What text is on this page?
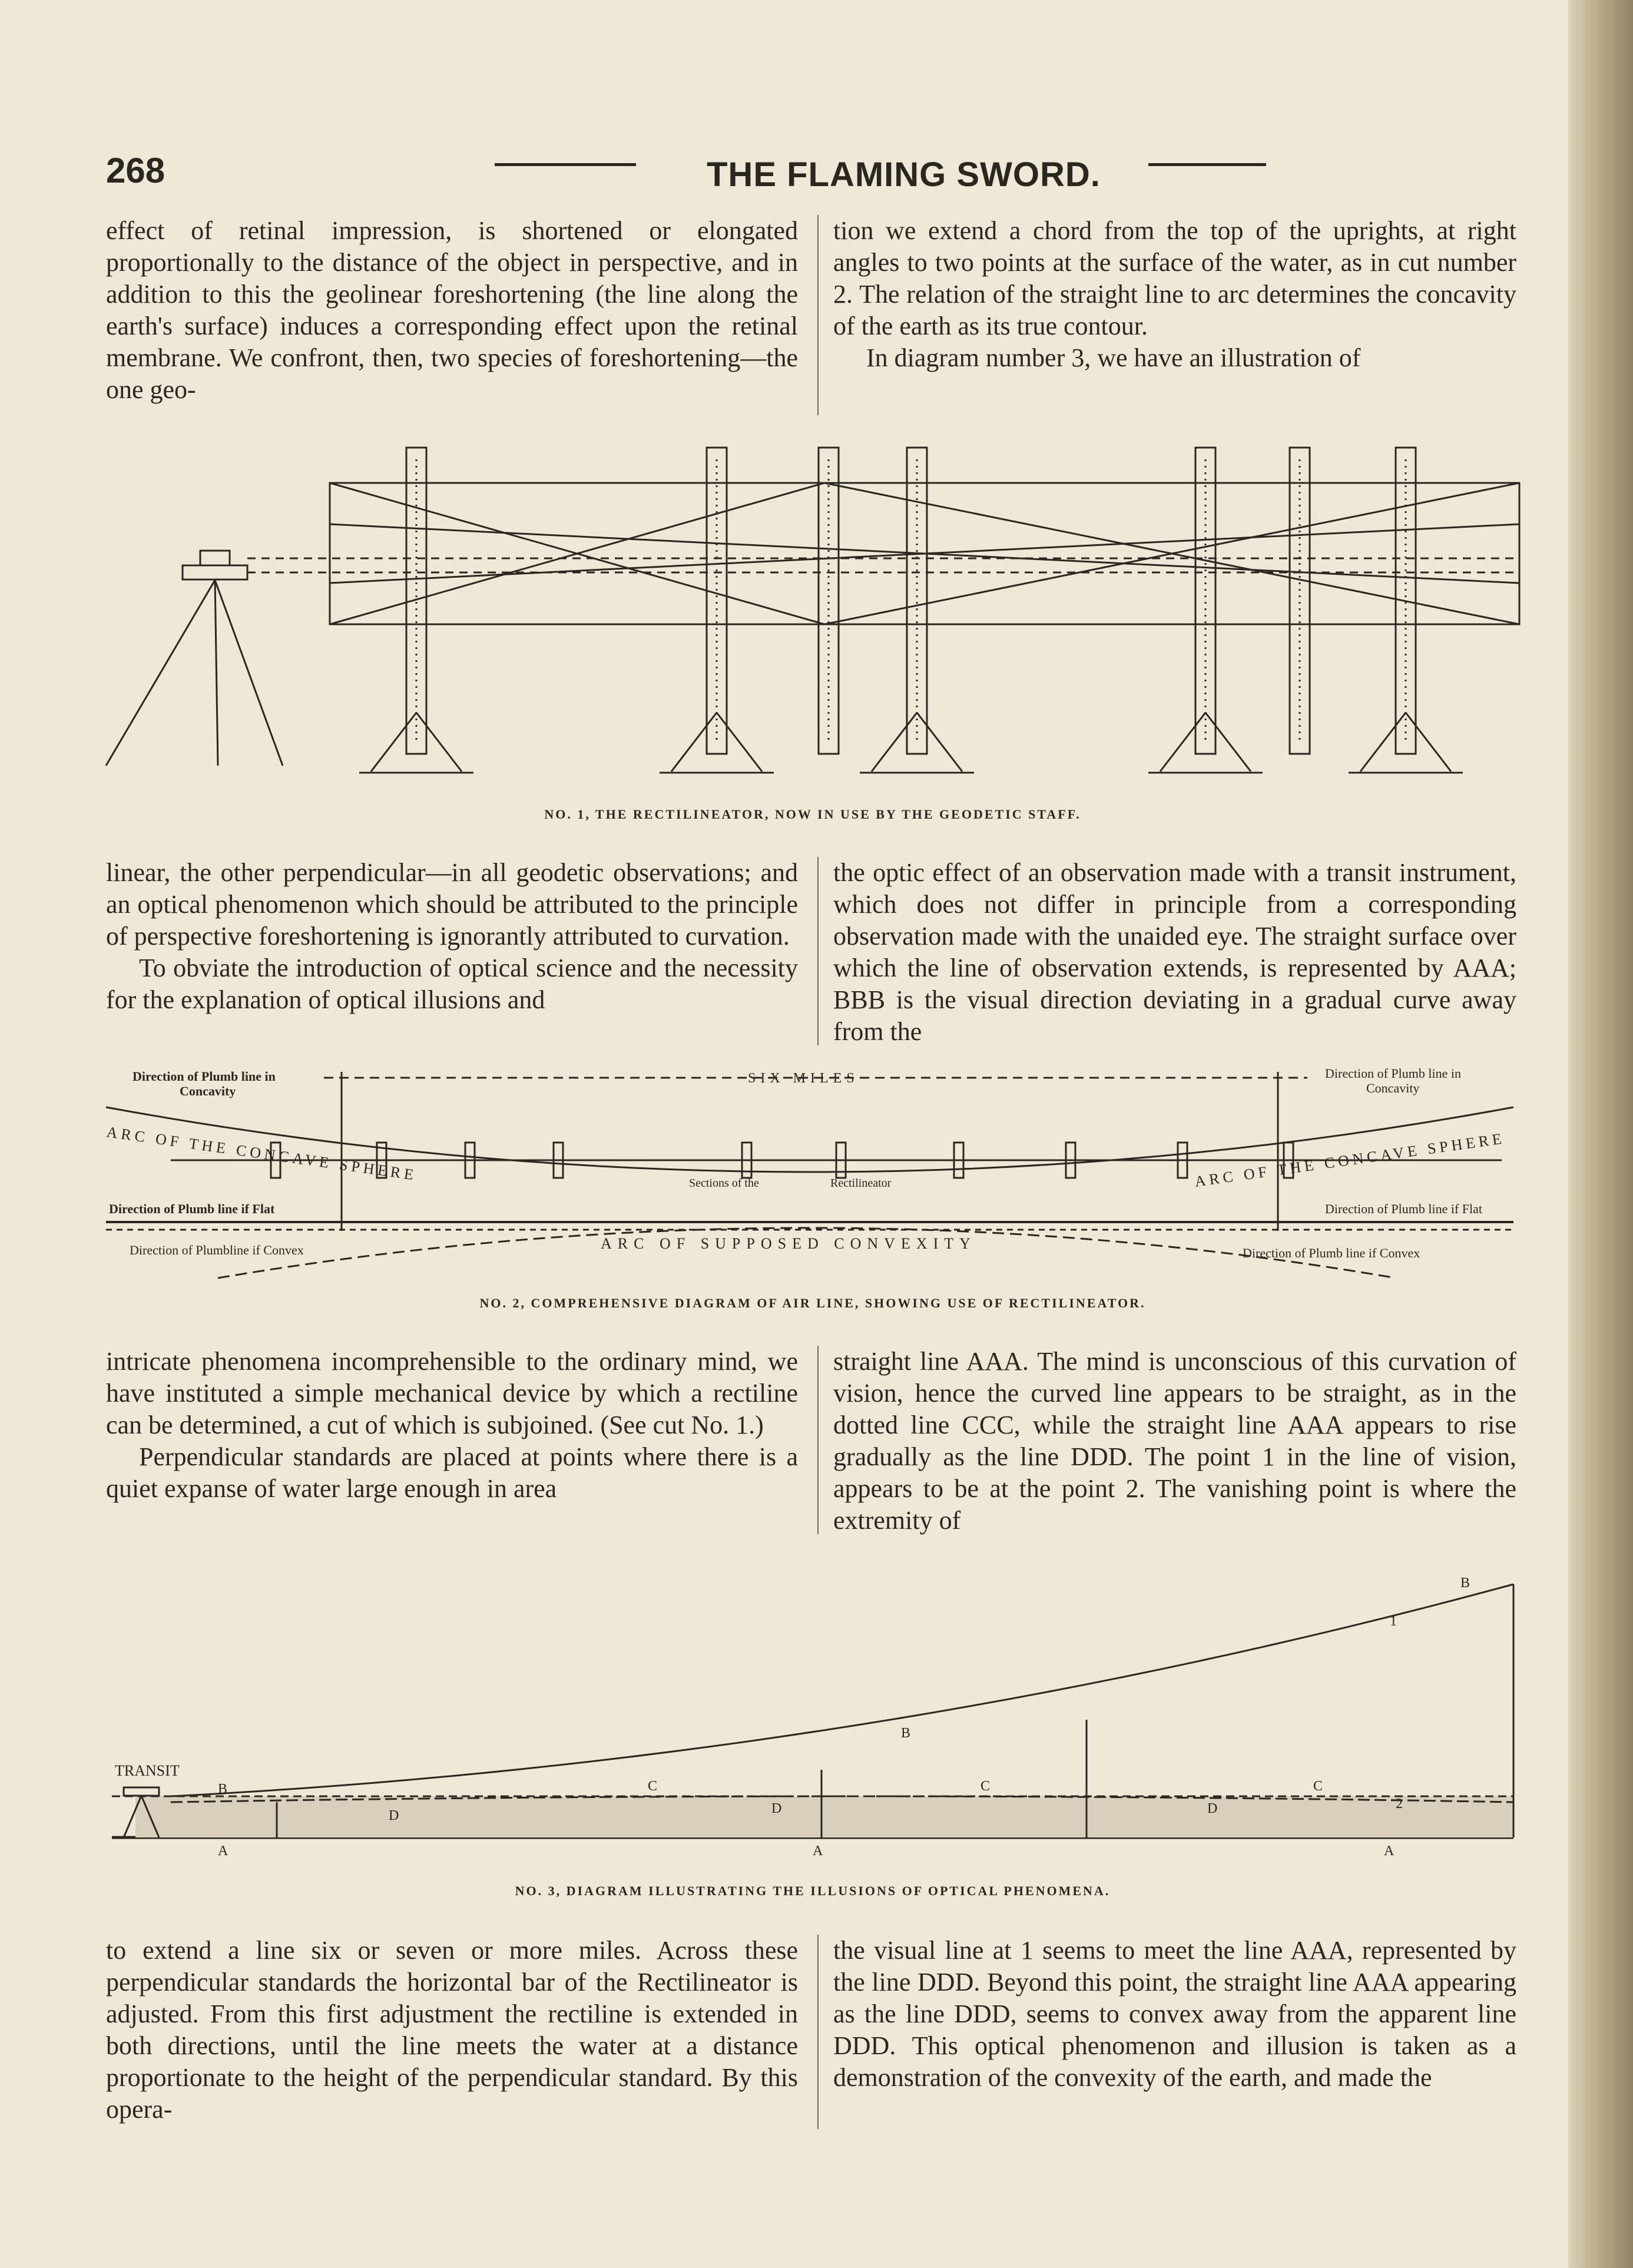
268	THE FLAMING SWORD.

effect of retinal impression, is shortened or elongated proportionally to the distance of the object in perspective, and in addition to this the geolinear foreshortening (the line along the earth's surface) induces a corresponding effect upon the retinal membrane. We confront, then, two species of foreshortening—the one geo-

tion we extend a chord from the top of the uprights, at right angles to two points at the surface of the water, as in cut number 2. The relation of the straight line to arc determines the concavity of the earth as its true contour.

In diagram number 3, we have an illustration of

NO. 1, THE RECTILINEATOR, NOW IN USE BY THE GEODETIC STAFF.

linear, the other perpendicular—in all geodetic observations; and an optical phenomenon which should be attributed to the principle of perspective foreshortening is ignorantly attributed to curvation.

To obviate the introduction of optical science and the necessity for the explanation of optical illusions and

the optic effect of an observation made with a transit instrument, which does not differ in principle from a corresponding observation made with the unaided eye. The straight surface over which the line of observation extends, is represented by AAA; BBB is the visual direction deviating in a gradual curve away from the

Direction of Plumb line in
Concavity
Direction of Plumb line in
Concavity
SIX MILES
ARC OF THE CONCAVE SPHERE	ARC OF THE CONCAVE SPHERE
Sections of the	Rectilineator
Direction of Plumb line if Flat	Direction of Plumb line if Flat
Direction of Plumbline if Convex	Direction of Plumb line if Convex
ARC OF SUPPOSED CONVEXITY
NO. 2, COMPREHENSIVE DIAGRAM OF AIR LINE, SHOWING USE OF RECTILINEATOR.

intricate phenomena incomprehensible to the ordinary mind, we have instituted a simple mechanical device by which a rectiline can be determined, a cut of which is subjoined. (See cut No. 1.)

Perpendicular standards are placed at points where there is a quiet expanse of water large enough in area

straight line AAA. The mind is unconscious of this curvation of vision, hence the curved line appears to be straight, as in the dotted line CCC, while the straight line AAA appears to rise gradually as the line DDD. The point 1 in the line of vision, appears to be at the point 2. The vanishing point is where the extremity of

TRANSIT
B
B
B
C	C	C
D	D	D
A	A	A
1
2
NO. 3, DIAGRAM ILLUSTRATING THE ILLUSIONS OF OPTICAL PHENOMENA.

to extend a line six or seven or more miles. Across these perpendicular standards the horizontal bar of the Rectilineator is adjusted. From this first adjustment the rectiline is extended in both directions, until the line meets the water at a distance proportionate to the height of the perpendicular standard. By this opera-

the visual line at 1 seems to meet the line AAA, represented by the line DDD. Beyond this point, the straight line AAA appearing as the line DDD, seems to convex away from the apparent line DDD. This optical phenomenon and illusion is taken as a demonstration of the convexity of the earth, and made the
